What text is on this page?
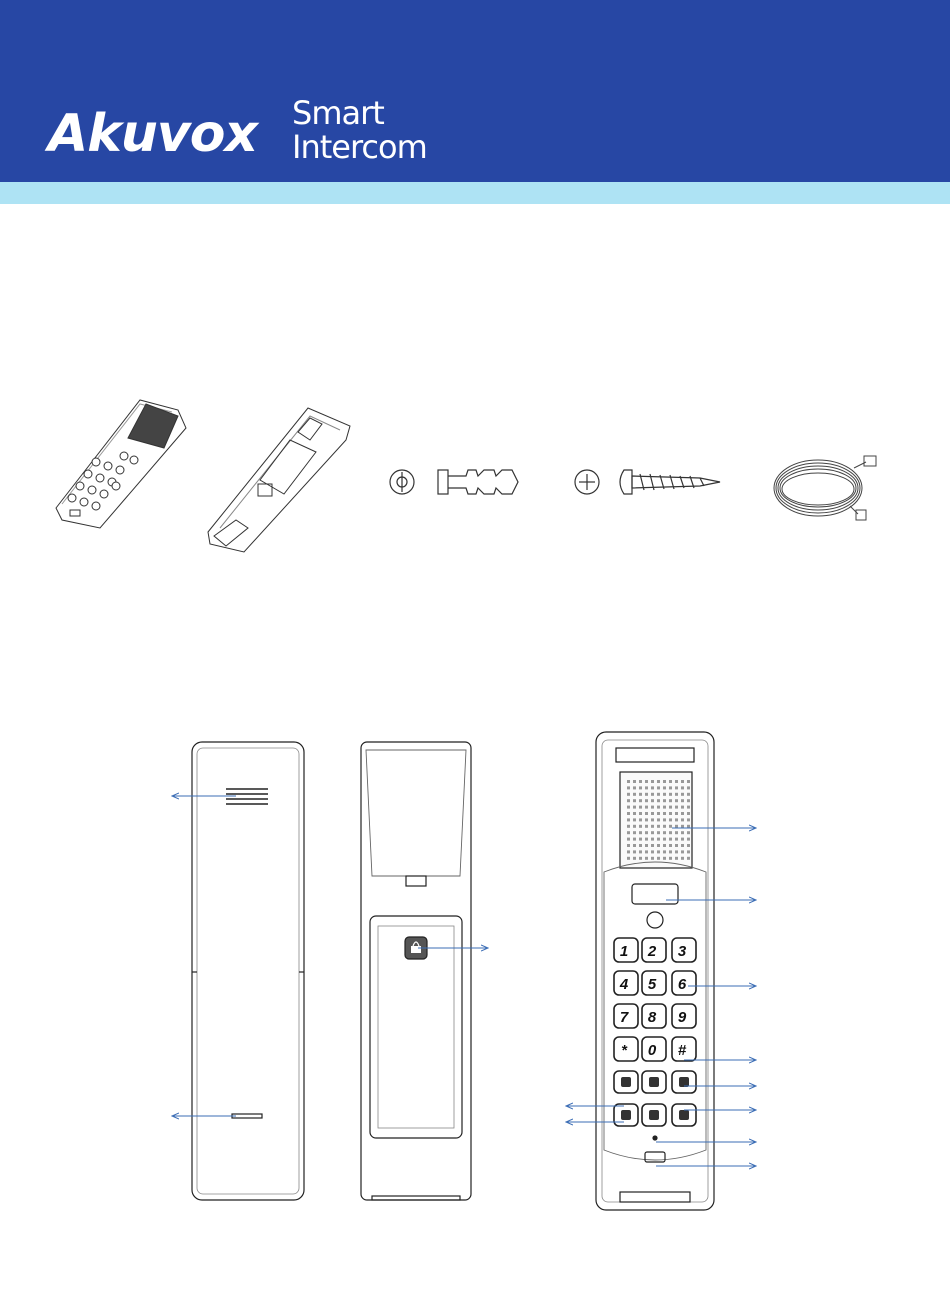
Akuvox Smart
Intercom
1 2 3
4 5 6
7 8 9
* 0 #
